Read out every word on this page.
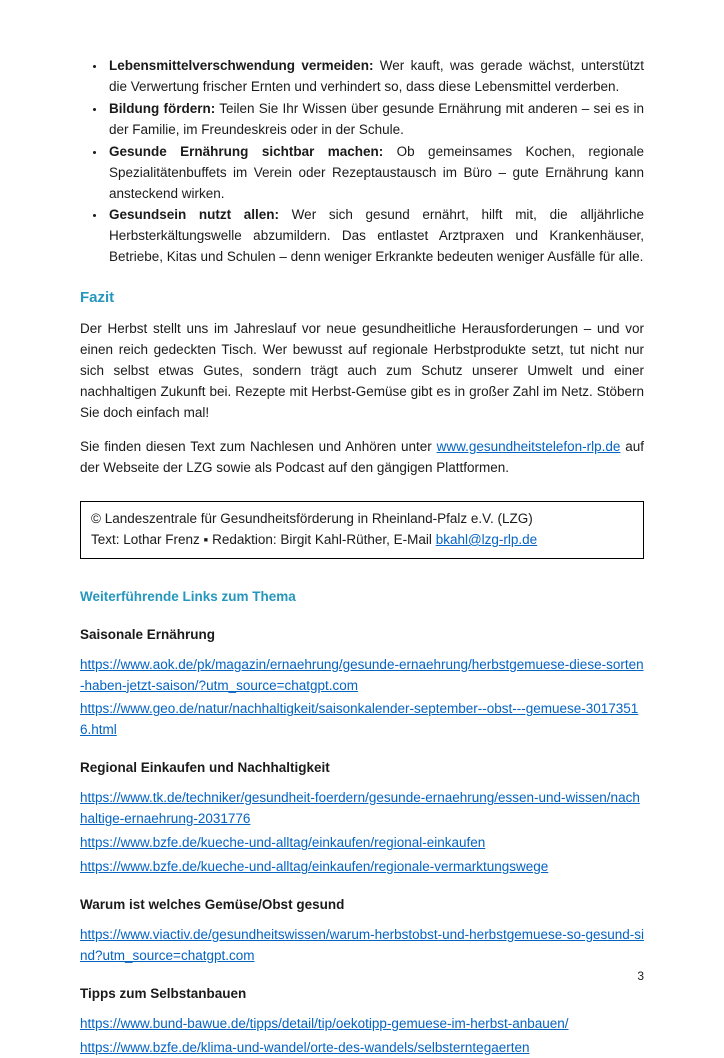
• Lebensmittelverschwendung vermeiden: Wer kauft, was gerade wächst, unterstützt die Verwertung frischer Ernten und verhindert so, dass diese Lebensmittel verderben.
• Bildung fördern: Teilen Sie Ihr Wissen über gesunde Ernährung mit anderen – sei es in der Familie, im Freundeskreis oder in der Schule.
• Gesunde Ernährung sichtbar machen: Ob gemeinsames Kochen, regionale Spezialitätenbuffets im Verein oder Rezeptaustausch im Büro – gute Ernährung kann ansteckend wirken.
• Gesundsein nutzt allen: Wer sich gesund ernährt, hilft mit, die alljährliche Herbsterkältungswelle abzumildern. Das entlastet Arztpraxen und Krankenhäuser, Betriebe, Kitas und Schulen – denn weniger Erkrankte bedeuten weniger Ausfälle für alle.
Fazit

Der Herbst stellt uns im Jahreslauf vor neue gesundheitliche Herausforderungen – und vor einen reich gedeckten Tisch. Wer bewusst auf regionale Herbstprodukte setzt, tut nicht nur sich selbst etwas Gutes, sondern trägt auch zum Schutz unserer Umwelt und einer nachhaltigen Zukunft bei. Rezepte mit Herbst-Gemüse gibt es in großer Zahl im Netz. Stöbern Sie doch einfach mal!

Sie finden diesen Text zum Nachlesen und Anhören unter www.gesundheitstelefon-rlp.de auf der Webseite der LZG sowie als Podcast auf den gängigen Plattformen.

© Landeszentrale für Gesundheitsförderung in Rheinland-Pfalz e.V. (LZG)
Text: Lothar Frenz ▪ Redaktion: Birgit Kahl-Rüther, E-Mail bkahl@lzg-rlp.de
Weiterführende Links zum Thema
Saisonale Ernährung
https://www.aok.de/pk/magazin/ernaehrung/gesunde-ernaehrung/herbstgemuese-diese-sorten-haben-jetzt-saison/?utm_source=chatgpt.com
https://www.geo.de/natur/nachhaltigkeit/saisonkalender-september--obst---gemuese-30173516.html
Regional Einkaufen und Nachhaltigkeit
https://www.tk.de/techniker/gesundheit-foerdern/gesunde-ernaehrung/essen-und-wissen/nachhaltige-ernaehrung-2031776
https://www.bzfe.de/kueche-und-alltag/einkaufen/regional-einkaufen
https://www.bzfe.de/kueche-und-alltag/einkaufen/regionale-vermarktungswege
Warum ist welches Gemüse/Obst gesund
https://www.viactiv.de/gesundheitswissen/warum-herbstobst-und-herbstgemuese-so-gesund-sind?utm_source=chatgpt.com
Tipps zum Selbstanbauen
https://www.bund-bawue.de/tipps/detail/tip/oekotipp-gemuese-im-herbst-anbauen/
https://www.bzfe.de/klima-und-wandel/orte-des-wandels/selbsterntegaerten
3
